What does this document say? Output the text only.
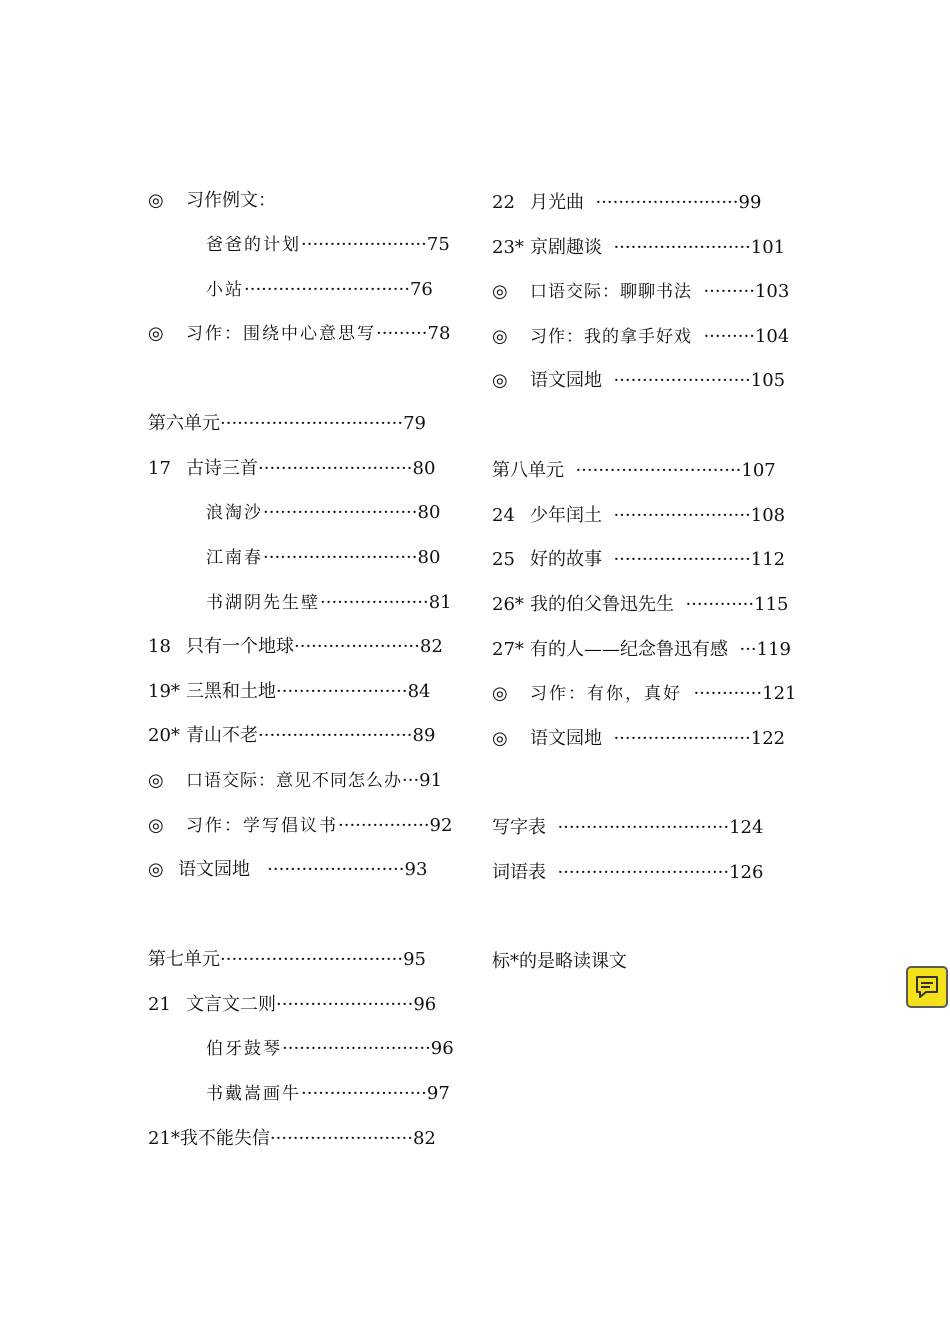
◎ 习作例文：
爸爸的计划······················75
小站·····························76
◎ 习作：围绕中心意思写·········78
第六单元································79
17 古诗三首···························80
浪淘沙···························80
江南春···························80
书湖阴先生壁···················81
18 只有一个地球······················82
19* 三黑和土地·······················84
20* 青山不老···························89
◎ 口语交际：意见不同怎么办···91
◎ 习作：学写倡议书················92
◎ 语文园地 ························93
第七单元································95
21 文言文二则························96
伯牙鼓琴··························96
书戴嵩画牛······················97
21*我不能失信·························82
22 月光曲 ·························99
23* 京剧趣谈 ························101
◎ 口语交际：聊聊书法 ·········103
◎ 习作：我的拿手好戏 ·········104
◎ 语文园地 ························105
第八单元 ·····························107
24 少年闰土 ························108
25 好的故事 ························112
26* 我的伯父鲁迅先生 ············115
27* 有的人——纪念鲁迅有感 ···119
◎ 习作：有你，真好 ············121
◎ 语文园地 ························122
写字表 ······························124
词语表 ······························126
标*的是略读课文
